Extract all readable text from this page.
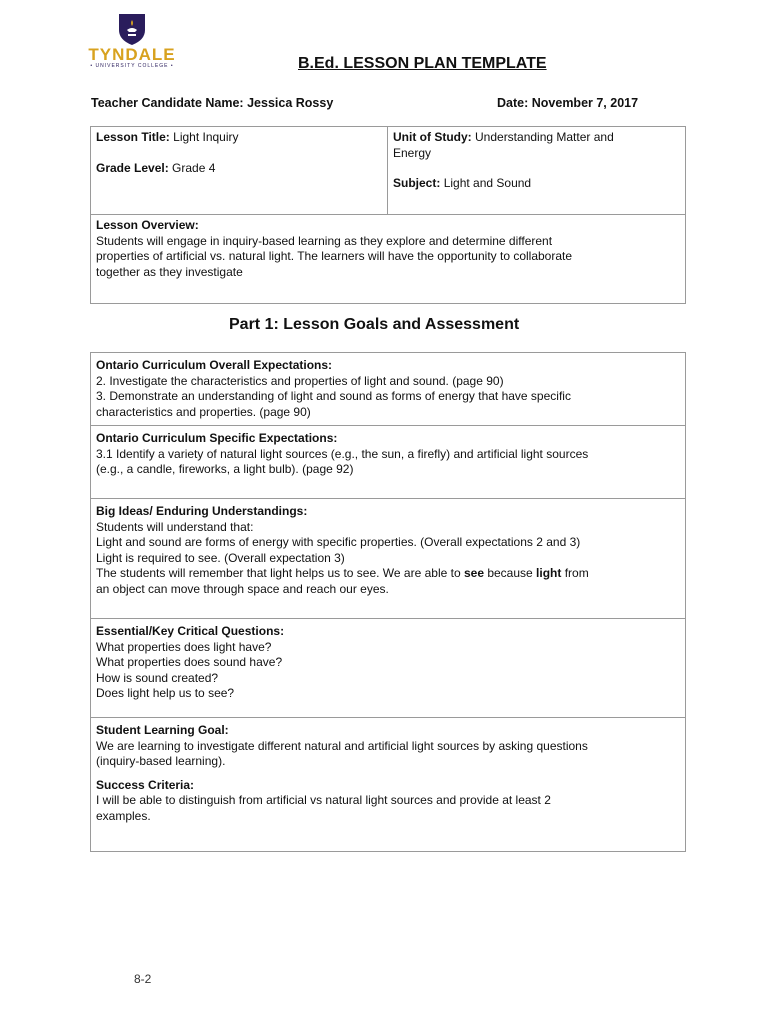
TYNDALE
• UNIVERSITY COLLEGE •	B.Ed. LESSON PLAN TEMPLATE
Teacher Candidate Name: Jessica Rossy	Date: November 7, 2017
Lesson Title: Light Inquiry
Grade Level: Grade 4
Unit of Study: Understanding Matter and
Energy
Subject: Light and Sound
Lesson Overview:
Students will engage in inquiry-based learning as they explore and determine different
properties of artificial vs. natural light. The learners will have the opportunity to collaborate
together as they investigate
Part 1: Lesson Goals and Assessment
Ontario Curriculum Overall Expectations:
2. Investigate the characteristics and properties of light and sound. (page 90)
3. Demonstrate an understanding of light and sound as forms of energy that have specific
characteristics and properties. (page 90)
Ontario Curriculum Specific Expectations:
3.1 Identify a variety of natural light sources (e.g., the sun, a firefly) and artificial light sources
(e.g., a candle, fireworks, a light bulb). (page 92)
Big Ideas/ Enduring Understandings:
Students will understand that:
Light and sound are forms of energy with specific properties. (Overall expectations 2 and 3)
Light is required to see. (Overall expectation 3)
The students will remember that light helps us to see. We are able to see because light from
an object can move through space and reach our eyes.
Essential/Key Critical Questions:
What properties does light have?
What properties does sound have?
How is sound created?
Does light help us to see?
Student Learning Goal:
We are learning to investigate different natural and artificial light sources by asking questions
(inquiry-based learning).
Success Criteria:
I will be able to distinguish from artificial vs natural light sources and provide at least 2
examples.
8-2
